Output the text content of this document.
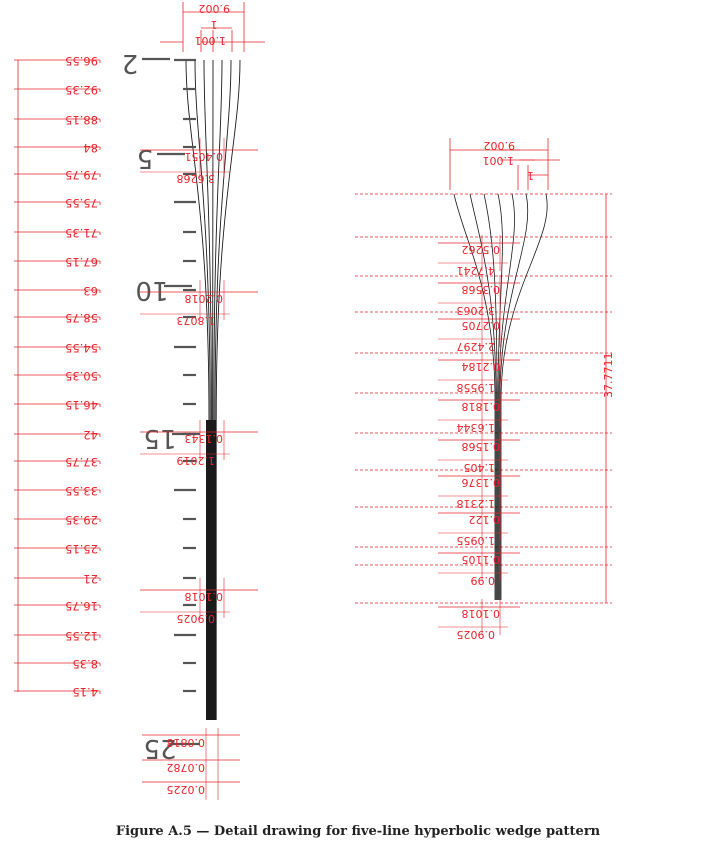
9.002
1
1.001
96.55
92.35
88.15
84
79.75
75.55
71.35
67.15
63
58.75
54.55
50.35
46.15
42
37.75
33.55
29.35
25.15
21
16.75
12.55
8.35
4.15
2
5
10
15
25
0.4051
3.6268
0.2018
1.8073
0.1343
1.2019
0.1018
0.9025
0.0818
0.0782
0.0225
9.002
1.001
1
37.7711
0.5262
4.7241
0.3568
3.2063
0.2705
2.4297
0.2184
1.9558
0.1818
1.6344
0.1568
1.405
0.1376
1.2318
0.122
1.0955
0.1105
0.99
0.1018
0.9025
Figure A.5 — Detail drawing for five-line hyperbolic wedge pattern
